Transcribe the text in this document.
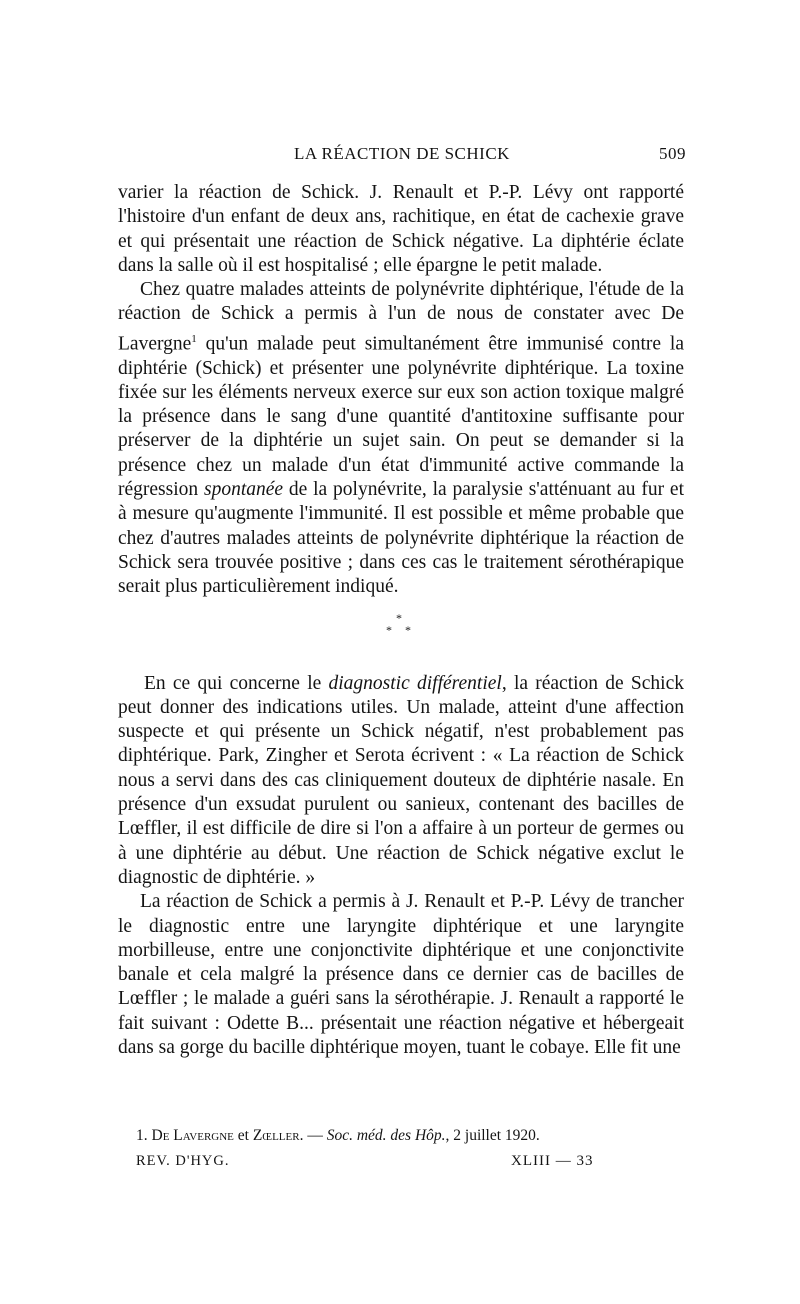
LA RÉACTION DE SCHICK	509

varier la réaction de Schick. J. Renault et P.-P. Lévy ont rapporté l'histoire d'un enfant de deux ans, rachitique, en état de cachexie grave et qui présentait une réaction de Schick négative. La diphtérie éclate dans la salle où il est hospitalisé ; elle épargne le petit malade.

Chez quatre malades atteints de polynévrite diphtérique, l'étude de la réaction de Schick a permis à l'un de nous de constater avec De Lavergne$^1$ qu'un malade peut simultanément être immunisé contre la diphtérie (Schick) et présenter une polynévrite diphtérique. La toxine fixée sur les éléments nerveux exerce sur eux son action toxique malgré la présence dans le sang d'une quantité d'antitoxine suffisante pour préserver de la diphtérie un sujet sain. On peut se demander si la présence chez un malade d'un état d'immunité active commande la régression spontanée de la polynévrite, la paralysie s'atténuant au fur et à mesure qu'augmente l'immunité. Il est possible et même probable que chez d'autres malades atteints de polynévrite diphtérique la réaction de Schick sera trouvée positive ; dans ces cas le traitement sérothérapique serait plus particulièrement indiqué.

*
* *

En ce qui concerne le diagnostic différentiel, la réaction de Schick peut donner des indications utiles. Un malade, atteint d'une affection suspecte et qui présente un Schick négatif, n'est probablement pas diphtérique. Park, Zingher et Serota écrivent : « La réaction de Schick nous a servi dans des cas cliniquement douteux de diphtérie nasale. En présence d'un exsudat purulent ou sanieux, contenant des bacilles de Lœffler, il est difficile de dire si l'on a affaire à un porteur de germes ou à une diphtérie au début. Une réaction de Schick négative exclut le diagnostic de diphtérie. »

La réaction de Schick a permis à J. Renault et P.-P. Lévy de trancher le diagnostic entre une laryngite diphtérique et une laryngite morbilleuse, entre une conjonctivite diphtérique et une conjonctivite banale et cela malgré la présence dans ce dernier cas de bacilles de Lœffler ; le malade a guéri sans la sérothérapie. J. Renault a rapporté le fait suivant : Odette B... présentait une réaction négative et hébergeait dans sa gorge du bacille diphtérique moyen, tuant le cobaye. Elle fit une

1. De Lavergne et Zœller. — Soc. méd. des Hôp., 2 juillet 1920.
REV. D'HYG.	XLIII — 33
